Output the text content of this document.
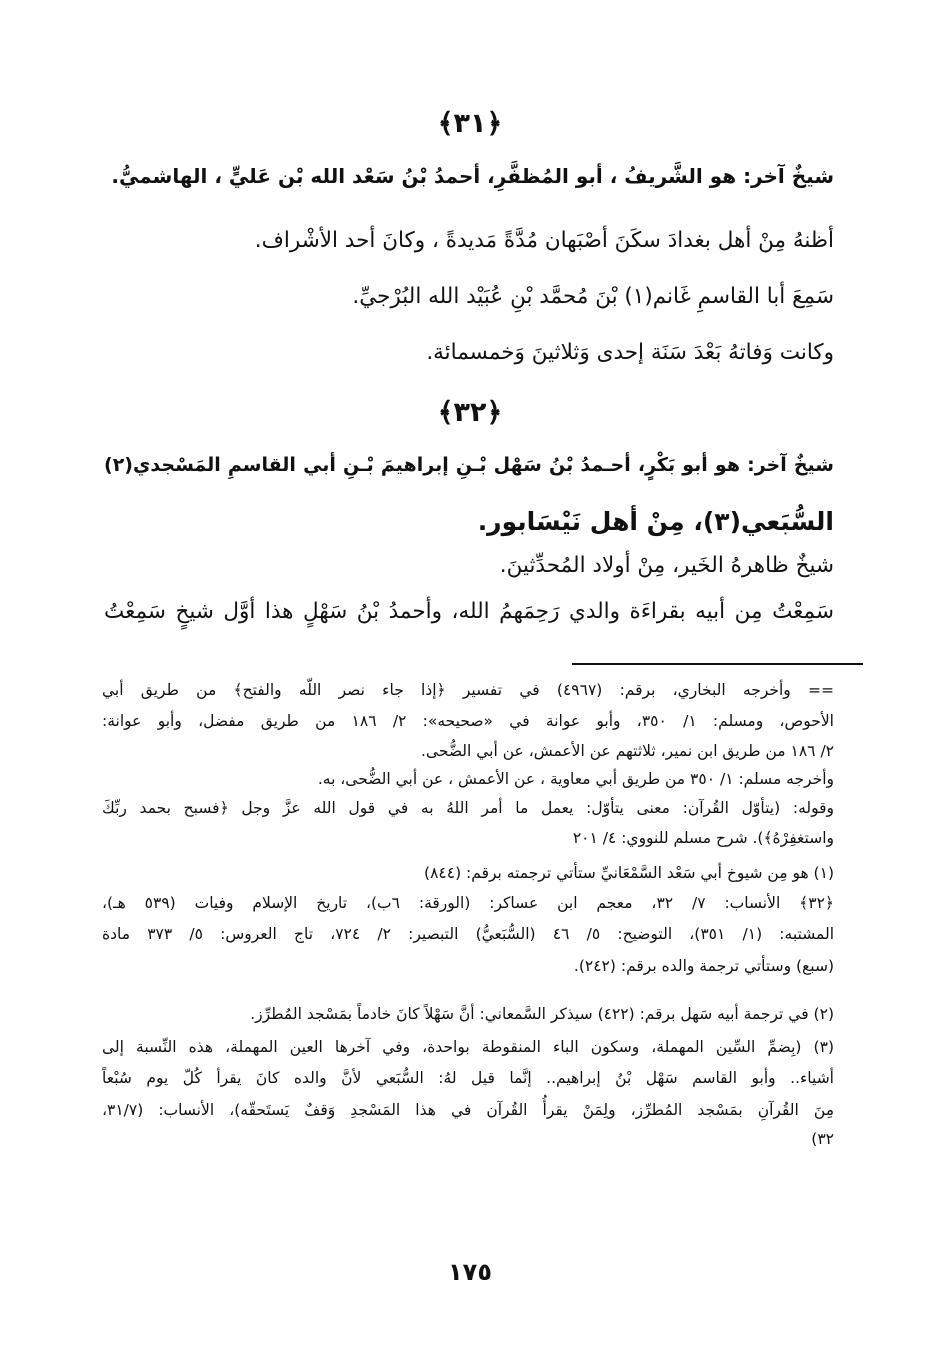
﴿٣١﴾
شيخٌ آخر: هو الشَّريفُ ، أبو المُظفَّرِ، أحمدُ بْنُ سَعْد الله بْن عَليٍّ ، الهاشميُّ.
أظنهُ مِنْ أهل بغدادَ سكَنَ أصْبَهان مُدَّةً مَديدةً ، وكانَ أحد الأشْراف.
سَمِعَ أبا القاسمِ غَانم(١) بْنَ مُحمَّد بْنِ عُبَيْد الله البُرْجيِّ.
وكانت وَفاتهُ بَعْدَ سَنَة إحدى وَثلاثينَ وَخمسمائة.
﴿٣٢﴾
شيخٌ آخر: هو أبو بَكْرٍ، أحـمدُ بْنُ سَهْل بْـنِ إبراهيمَ بْـنِ أبي القاسمِ المَسْجدي(٢)
السُّبَعي(٣)، مِنْ أهل نَيْسَابور.
شيخٌ ظاهرهُ الخَير، مِنْ أولاد المُحدِّثينَ.
سَمِعْتُ مِن أبيه بقراءَة والدي رَحِمَهمُ الله، وأحمدُ بْنُ سَهْلٍ هذا أوَّل شيخٍ سَمِعْتُ
== وأخرجه البخاري، برقم: (٤٩٦٧) في تفسير ﴿إذا جاء نصر اللّه والفتح﴾ من طريق أبي
الأحوص، ومسلم: ١/ ٣٥٠، وأبو عوانة في «صحيحه»: ٢/ ١٨٦ من طريق مفضل، وأبو عوانة:
٢/ ١٨٦ من طريق ابن نمير، ثلاثتهم عن الأعمش، عن أبي الضُّحى.
وأخرجه مسلم: ١/ ٣٥٠ من طريق أبي معاوية ، عن الأعمش ، عن أبي الضُّحى، به.
وقوله: (يتأوّل القُرآن: معنى يتأوّل: يعمل ما أمر اللهُ به في قول الله عزَّ وجل ﴿فسبح بحمد ربِّكَ
واستغفِرْهُ﴾). شرح مسلم للنووي: ٤/ ٢٠١
(١) هو مِن شيوخ أبي سَعْد السَّمْعَانيِّ ستأتي ترجمته برقم: (٨٤٤)
﴿٣٢﴾ الأنساب: ٧/ ٣٢، معجم ابن عساكر: (الورقة: ٦ب)، تاريخ الإسلام وفيات (٥٣٩ هـ)،
المشتبه: (١/ ٣٥١)، التوضيح: ٥/ ٤٦ (السُّبَعيُّ) التبصير: ٢/ ٧٢٤، تاج العروس: ٥/ ٣٧٣ مادة
(سبع) وستأتي ترجمة والده برقم: (٢٤٢).
(٢) في ترجمة أبيه سَهل برقم: (٤٢٢) سيذكر السَّمعاني: أنَّ سَهْلاً كانَ خادماً بمَسْجد المُطرِّز.
(٣) (بِضمِّ السِّين المهملة، وسكون الباء المنقوطة بواحدة، وفي آخرها العين المهملة، هذه النِّسبة إلى
أشياء.. وأبو القاسم سَهْل بْنُ إبراهيم.. إنَّما قيل لهُ: السُّبَعي لأنَّ والده كانَ يقرأ كُلّ يوم سُبْعاً
مِنَ القُرآنِ بمَسْجد المُطرِّز، ولِمَنْ يقرأُ القُرآن في هذا المَسْجدِ وَقفٌ يَستَحقّه)، الأنساب: (٣١/٧،
٣٢)
١٧٥
